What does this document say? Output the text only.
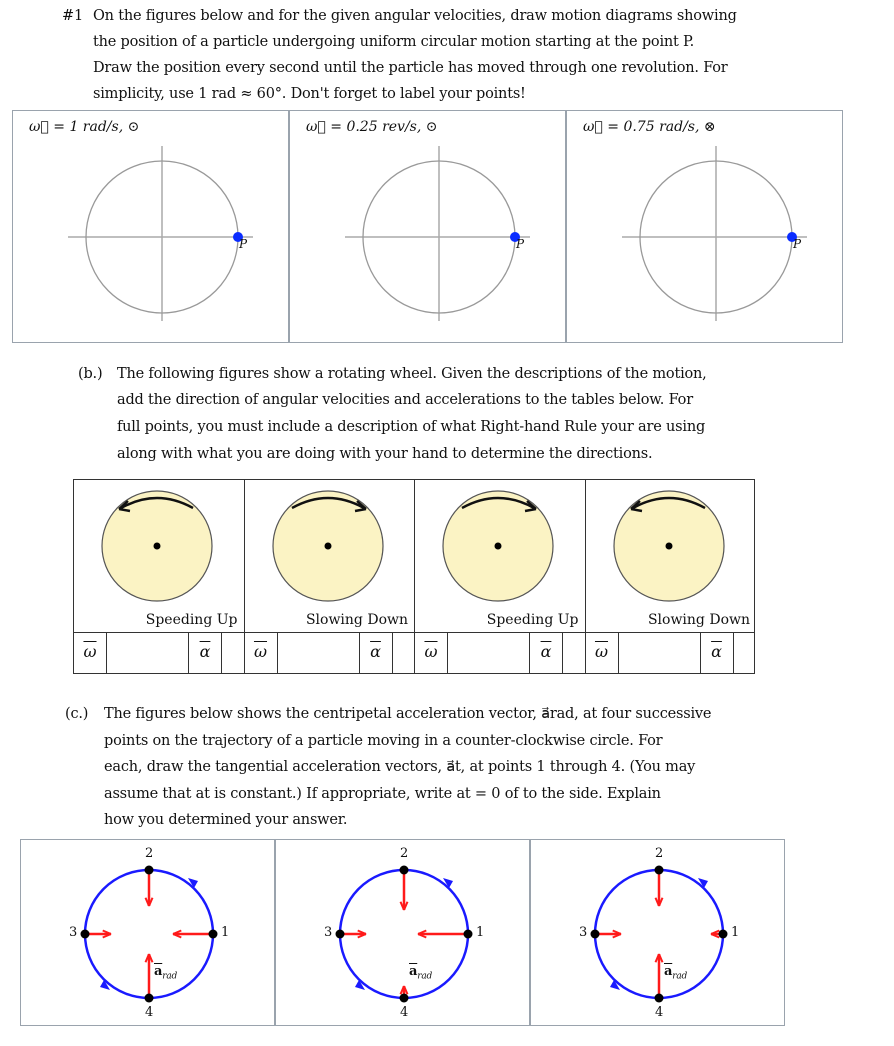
#1 On the figures below and for the given angular velocities, draw motion diagrams showing
the position of a particle undergoing uniform circular motion starting at the point P.
Draw the position every second until the particle has moved through one revolution. For
simplicity, use 1 rad ≈ 60°. Don't forget to label your points!
ω⃗ = 1 rad/s, ⊙
P
ω⃗ = 0.25 rev/s, ⊙
P
ω⃗ = 0.75 rad/s, ⊗
P
(b.) The following figures show a rotating wheel. Given the descriptions of the motion,
add the direction of angular velocities and accelerations to the tables below. For
full points, you must include a description of what Right-hand Rule your are using
along with what you are doing with your hand to determine the directions.
Speeding Up
$\overline{\omega}$	$\overline{\alpha}$
Slowing Down
$\overline{\omega}$	$\overline{\alpha}$
Speeding Up
$\overline{\omega}$	$\overline{\alpha}$
Slowing Down
$\overline{\omega}$	$\overline{\alpha}$
(c.) The figures below shows the centripetal acceleration vector, a⃗rad, at four successive
points on the trajectory of a particle moving in a counter-clockwise circle. For
each, draw the tangential acceleration vectors, a⃗t, at points 1 through 4. (You may
assume that at is constant.) If appropriate, write at = 0 of to the side. Explain
how you determined your answer.
1
2
3
4
$\overline{a}_{rad}$
1
2
3
4
$\overline{a}_{rad}$
1
2
3
4
$\overline{a}_{rad}$
